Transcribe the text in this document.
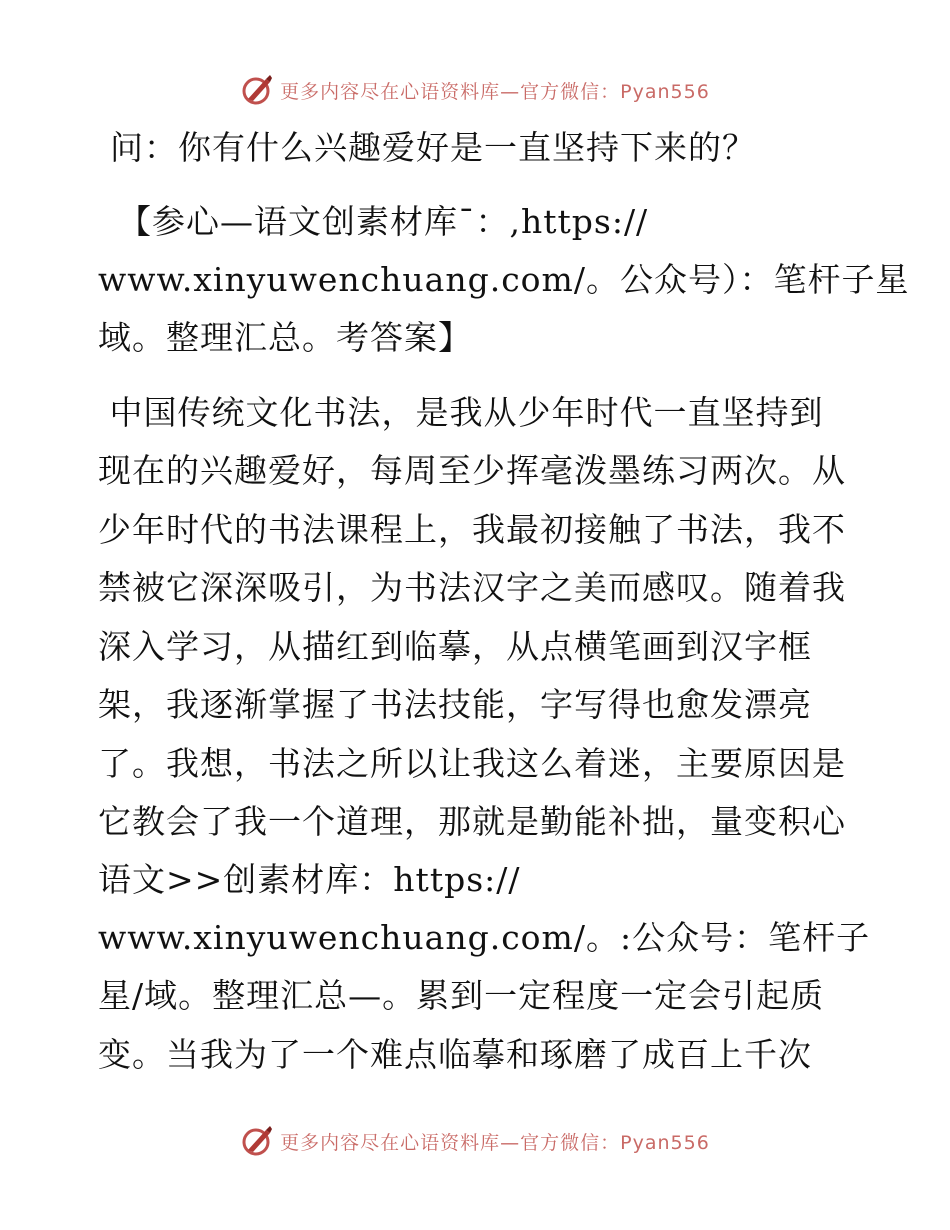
更多内容尽在心语资料库—官方微信：Pyan556

问：你有什么兴趣爱好是一直坚持下来的？

【参心—语文创素材库¯：,https://

www.xinyuwenchuang.com/。公众号）：笔杆子星

域。整理汇总。考答案】

中国传统文化书法，是我从少年时代一直坚持到

现在的兴趣爱好，每周至少挥毫泼墨练习两次。从

少年时代的书法课程上，我最初接触了书法，我不

禁被它深深吸引，为书法汉字之美而感叹。随着我

深入学习，从描红到临摹，从点横笔画到汉字框

架，我逐渐掌握了书法技能，字写得也愈发漂亮

了。我想，书法之所以让我这么着迷，主要原因是

它教会了我一个道理，那就是勤能补拙，量变积心

语文>>创素材库：https://

www.xinyuwenchuang.com/。:公众号：笔杆子

星/域。整理汇总—。累到一定程度一定会引起质

变。当我为了一个难点临摹和琢磨了成百上千次

更多内容尽在心语资料库—官方微信：Pyan556
